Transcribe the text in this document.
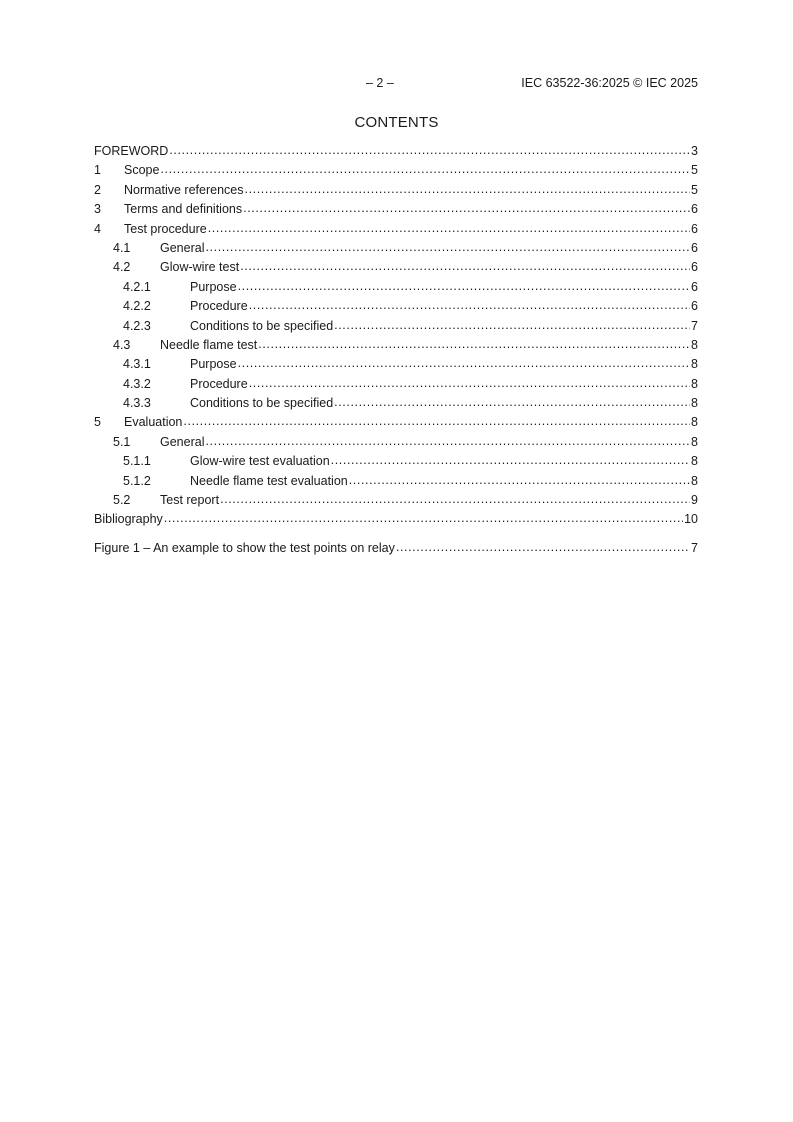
– 2 –	IEC 63522-36:2025 © IEC 2025
CONTENTS
FOREWORD .....	3
1	Scope .....	5
2	Normative references .....	5
3	Terms and definitions .....	6
4	Test procedure .....	6
4.1	General .....	6
4.2	Glow-wire test .....	6
4.2.1	Purpose .....	6
4.2.2	Procedure .....	6
4.2.3	Conditions to be specified .....	7
4.3	Needle flame test .....	8
4.3.1	Purpose .....	8
4.3.2	Procedure .....	8
4.3.3	Conditions to be specified .....	8
5	Evaluation .....	8
5.1	General .....	8
5.1.1	Glow-wire test evaluation .....	8
5.1.2	Needle flame test evaluation .....	8
5.2	Test report .....	9
Bibliography .....	10
Figure 1 – An example to show the test points on relay .....	7
